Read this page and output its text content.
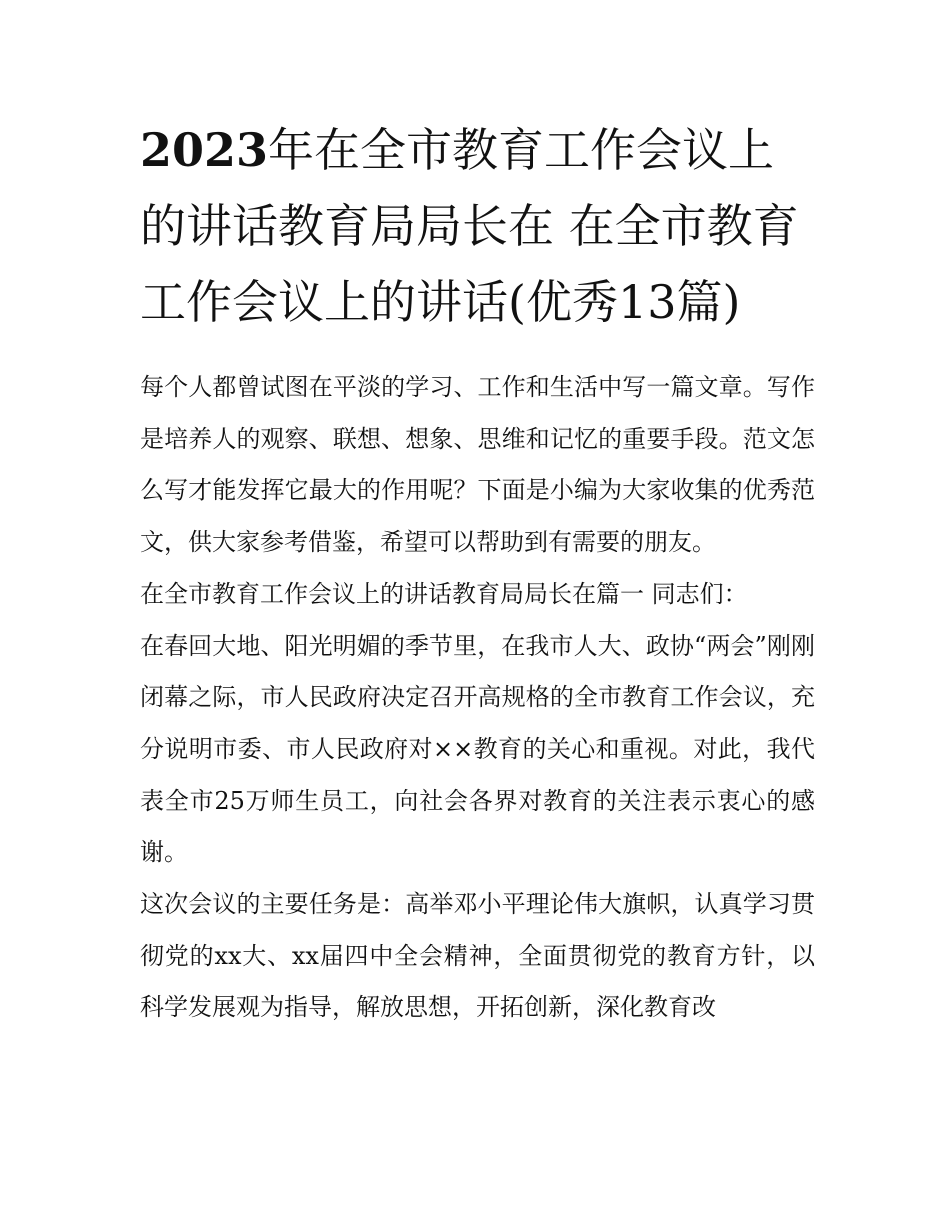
2023年在全市教育工作会议上的讲话教育局局长在 在全市教育工作会议上的讲话(优秀13篇)

每个人都曾试图在平淡的学习、工作和生活中写一篇文章。写作是培养人的观察、联想、想象、思维和记忆的重要手段。范文怎么写才能发挥它最大的作用呢？下面是小编为大家收集的优秀范文，供大家参考借鉴，希望可以帮助到有需要的朋友。

在全市教育工作会议上的讲话教育局局长在篇一 同志们：

在春回大地、阳光明媚的季节里，在我市人大、政协“两会”刚刚闭幕之际，市人民政府决定召开高规格的全市教育工作会议，充分说明市委、市人民政府对××教育的关心和重视。对此，我代表全市25万师生员工，向社会各界对教育的关注表示衷心的感谢。

这次会议的主要任务是：高举邓小平理论伟大旗帜，认真学习贯彻党的xx大、xx届四中全会精神，全面贯彻党的教育方针，以科学发展观为指导，解放思想，开拓创新，深化教育改
